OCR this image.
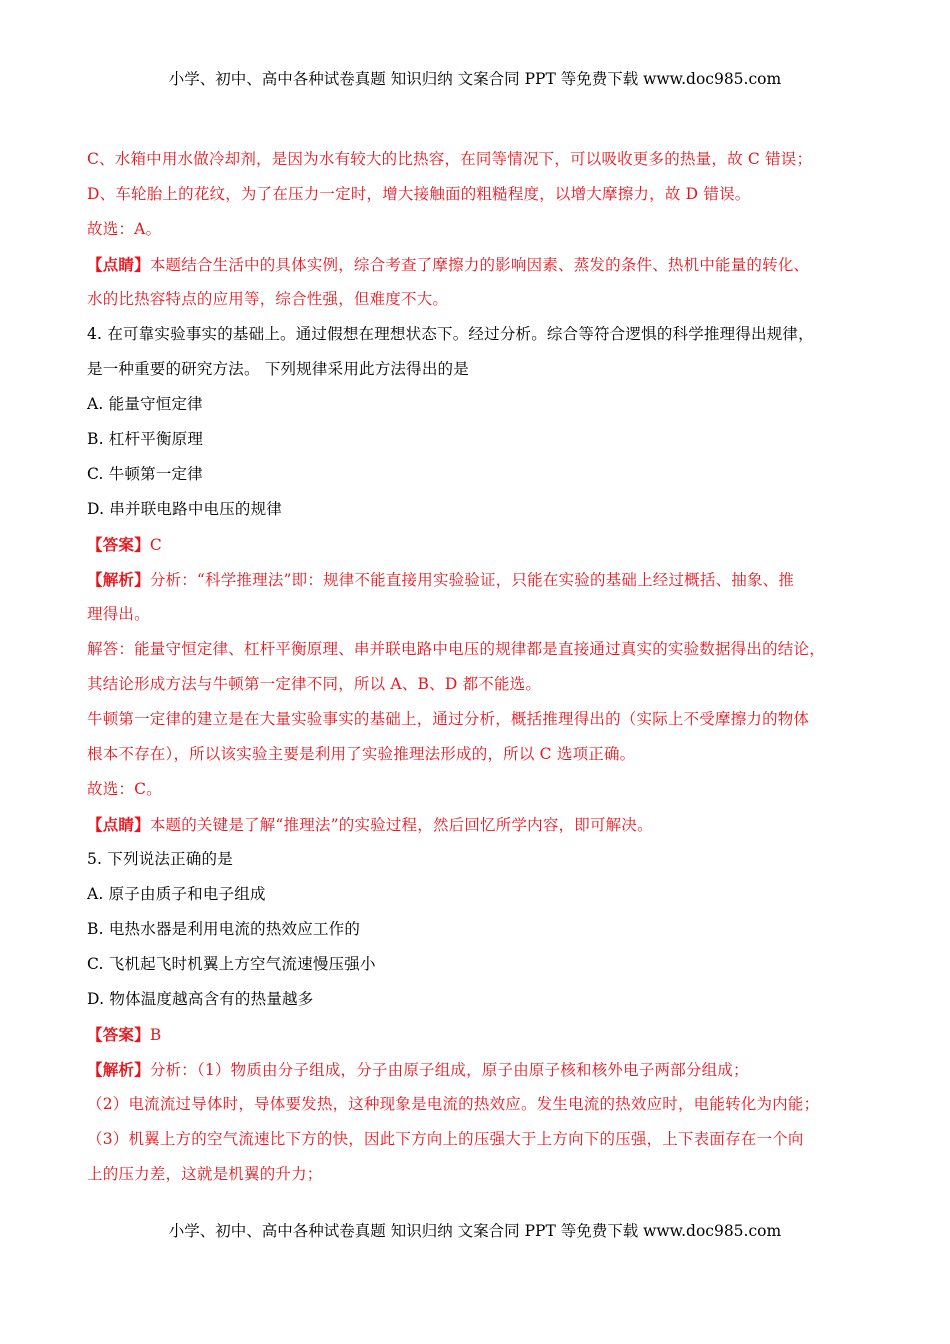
小学、初中、高中各种试卷真题 知识归纳 文案合同 PPT 等免费下载 www.doc985.com
C、水箱中用水做冷却剂，是因为水有较大的比热容，在同等情况下，可以吸收更多的热量，故 C 错误；
D、车轮胎上的花纹，为了在压力一定时，增大接触面的粗糙程度，以增大摩擦力，故 D 错误。
故选：A。
【点睛】本题结合生活中的具体实例，综合考查了摩擦力的影响因素、蒸发的条件、热机中能量的转化、
水的比热容特点的应用等，综合性强，但难度不大。
4. 在可靠实验事实的基础上。通过假想在理想状态下。经过分析。综合等符合逻惧的科学推理得出规律，
是一种重要的研究方法。 下列规律采用此方法得出的是
A. 能量守恒定律
B. 杠杆平衡原理
C. 牛顿第一定律
D. 串并联电路中电压的规律
【答案】C
【解析】分析：“科学推理法”即：规律不能直接用实验验证，只能在实验的基础上经过概括、抽象、推
理得出。
解答：能量守恒定律、杠杆平衡原理、串并联电路中电压的规律都是直接通过真实的实验数据得出的结论，
其结论形成方法与牛顿第一定律不同，所以 A、B、D 都不能选。
牛顿第一定律的建立是在大量实验事实的基础上，通过分析，概括推理得出的（实际上不受摩擦力的物体
根本不存在），所以该实验主要是利用了实验推理法形成的，所以 C 选项正确。
故选：C。
【点睛】本题的关键是了解“推理法”的实验过程，然后回忆所学内容，即可解决。
5. 下列说法正确的是
A. 原子由质子和电子组成
B. 电热水器是利用电流的热效应工作的
C. 飞机起飞时机翼上方空气流速慢压强小
D. 物体温度越高含有的热量越多
【答案】B
【解析】分析：（1）物质由分子组成，分子由原子组成，原子由原子核和核外电子两部分组成；
（2）电流流过导体时，导体要发热，这种现象是电流的热效应。发生电流的热效应时，电能转化为内能；
（3）机翼上方的空气流速比下方的快，因此下方向上的压强大于上方向下的压强，上下表面存在一个向
上的压力差，这就是机翼的升力；
小学、初中、高中各种试卷真题 知识归纳 文案合同 PPT 等免费下载 www.doc985.com
